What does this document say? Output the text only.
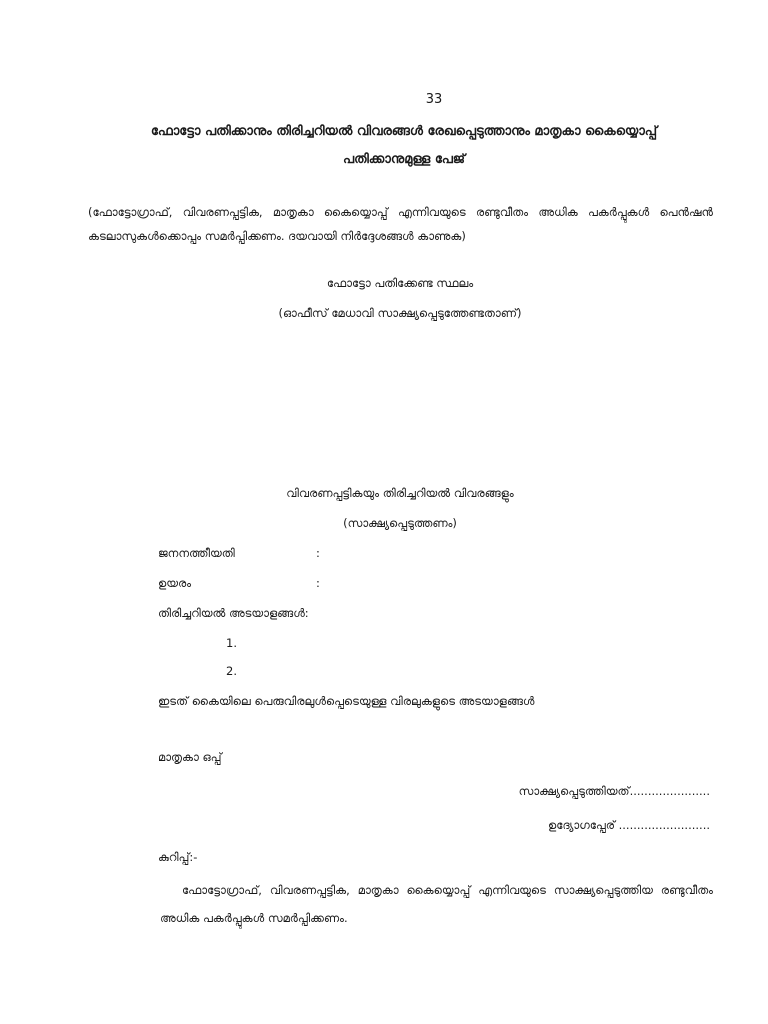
33
ഫോട്ടോ പതിക്കാനും തിരിച്ചറിയൽ വിവരങ്ങൾ രേഖപ്പെടുത്താനും മാതൃകാ കൈയ്യൊപ്പ്
പതിക്കാനുമുള്ള പേജ്
(ഫോട്ടോഗ്രാഫ്, വിവരണപ്പട്ടിക, മാതൃകാ കൈയ്യൊപ്പ് എന്നിവയുടെ രണ്ടുവീതം അധിക പകർപ്പുകൾ പെൻഷൻ കടലാസുകൾക്കൊപ്പം സമർപ്പിക്കണം. ദയവായി നിർദ്ദേശങ്ങൾ കാണുക)
ഫോട്ടോ പതിക്കേണ്ട സ്ഥലം
(ഓഫീസ് മേധാവി സാക്ഷ്യപ്പെടുത്തേണ്ടതാണ്)
വിവരണപ്പട്ടികയും തിരിച്ചറിയൽ വിവരങ്ങളും
(സാക്ഷ്യപ്പെടുത്തണം)
ജനനത്തീയതി	:
ഉയരം	:
തിരിച്ചറിയൽ അടയാളങ്ങൾ:
1.
2.
ഇടത് കൈയിലെ പെരുവിരലുൾപ്പെടെയുള്ള വിരലുകളുടെ അടയാളങ്ങൾ
മാതൃകാ ഒപ്പ്
സാക്ഷ്യപ്പെടുത്തിയത്......................
ഉദ്യോഗപ്പേര് .........................
കുറിപ്പ്:-
ഫോട്ടോഗ്രാഫ്, വിവരണപ്പട്ടിക, മാതൃകാ കൈയ്യൊപ്പ് എന്നിവയുടെ സാക്ഷ്യപ്പെടുത്തിയ രണ്ടുവീതം അധിക പകർപ്പുകൾ സമർപ്പിക്കണം.
